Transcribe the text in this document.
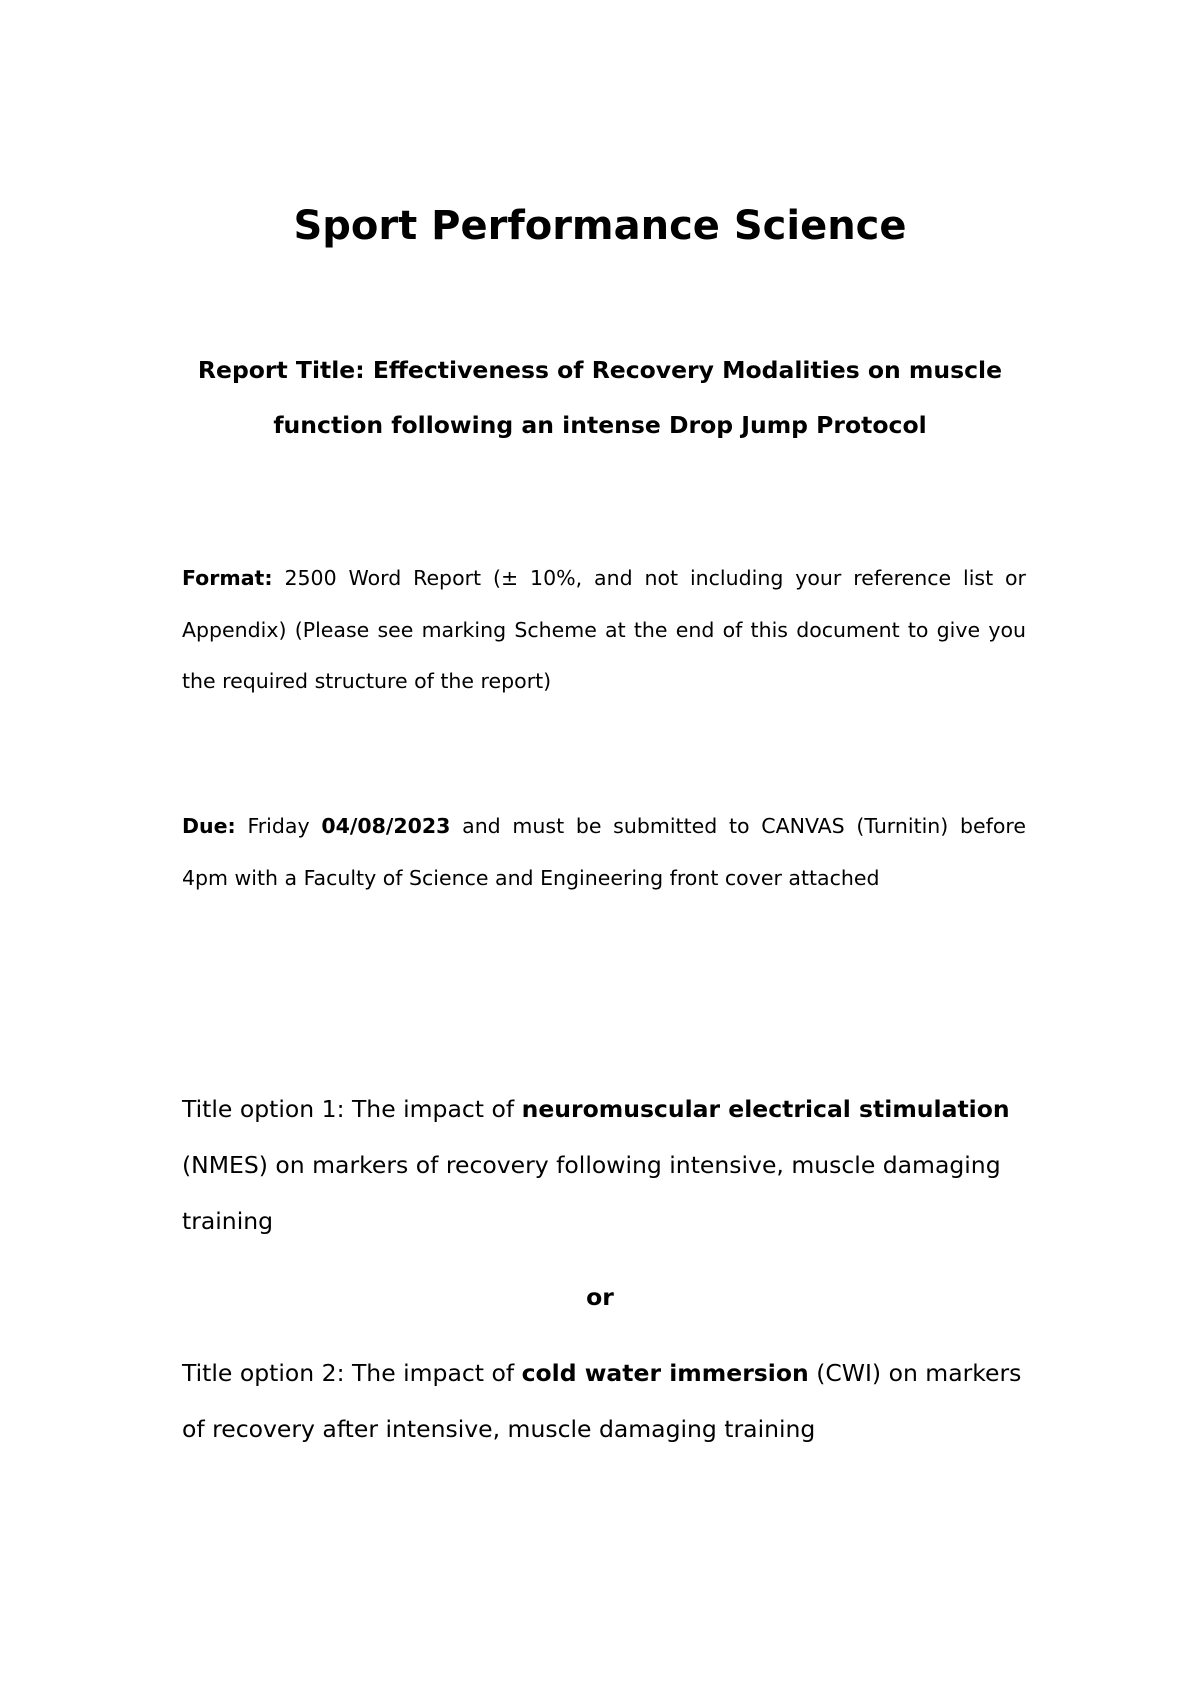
Sport Performance Science
Report Title: Effectiveness of Recovery Modalities on muscle
function following an intense Drop Jump Protocol

Format: 2500 Word Report (± 10%, and not including your reference list or Appendix) (Please see marking Scheme at the end of this document to give you the required structure of the report)

Due: Friday 04/08/2023 and must be submitted to CANVAS (Turnitin) before 4pm with a Faculty of Science and Engineering front cover attached

Title option 1: The impact of neuromuscular electrical stimulation (NMES) on markers of recovery following intensive, muscle damaging training

or

Title option 2: The impact of cold water immersion (CWI) on markers of recovery after intensive, muscle damaging training
